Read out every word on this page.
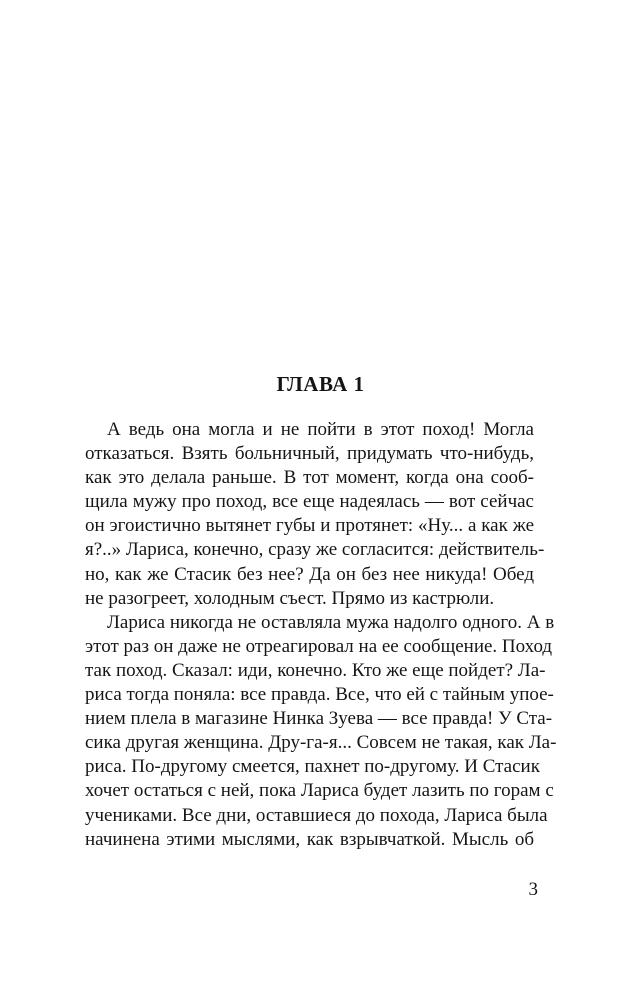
ГЛАВА 1
А ведь она могла и не пойти в этот поход! Могла
отказаться. Взять больничный, придумать что-нибудь,
как это делала раньше. В тот момент, когда она сооб-
щила мужу про поход, все еще надеялась — вот сейчас
он эгоистично вытянет губы и протянет: «Ну... а как же
я?..» Лариса, конечно, сразу же согласится: действитель-
но, как же Стасик без нее? Да он без нее никуда! Обед
не разогреет, холодным съест. Прямо из кастрюли.
Лариса никогда не оставляла мужа надолго одного. А в
этот раз он даже не отреагировал на ее сообщение. Поход
так поход. Сказал: иди, конечно. Кто же еще пойдет? Ла-
риса тогда поняла: все правда. Все, что ей с тайным упое-
нием плела в магазине Нинка Зуева — все правда! У Ста-
сика другая женщина. Дру-га-я... Совсем не такая, как Ла-
риса. По-другому смеется, пахнет по-другому. И Стасик
хочет остаться с ней, пока Лариса будет лазить по горам с
учениками. Все дни, оставшиеся до похода, Лариса была
начинена этими мыслями, как взрывчаткой. Мысль об
3
